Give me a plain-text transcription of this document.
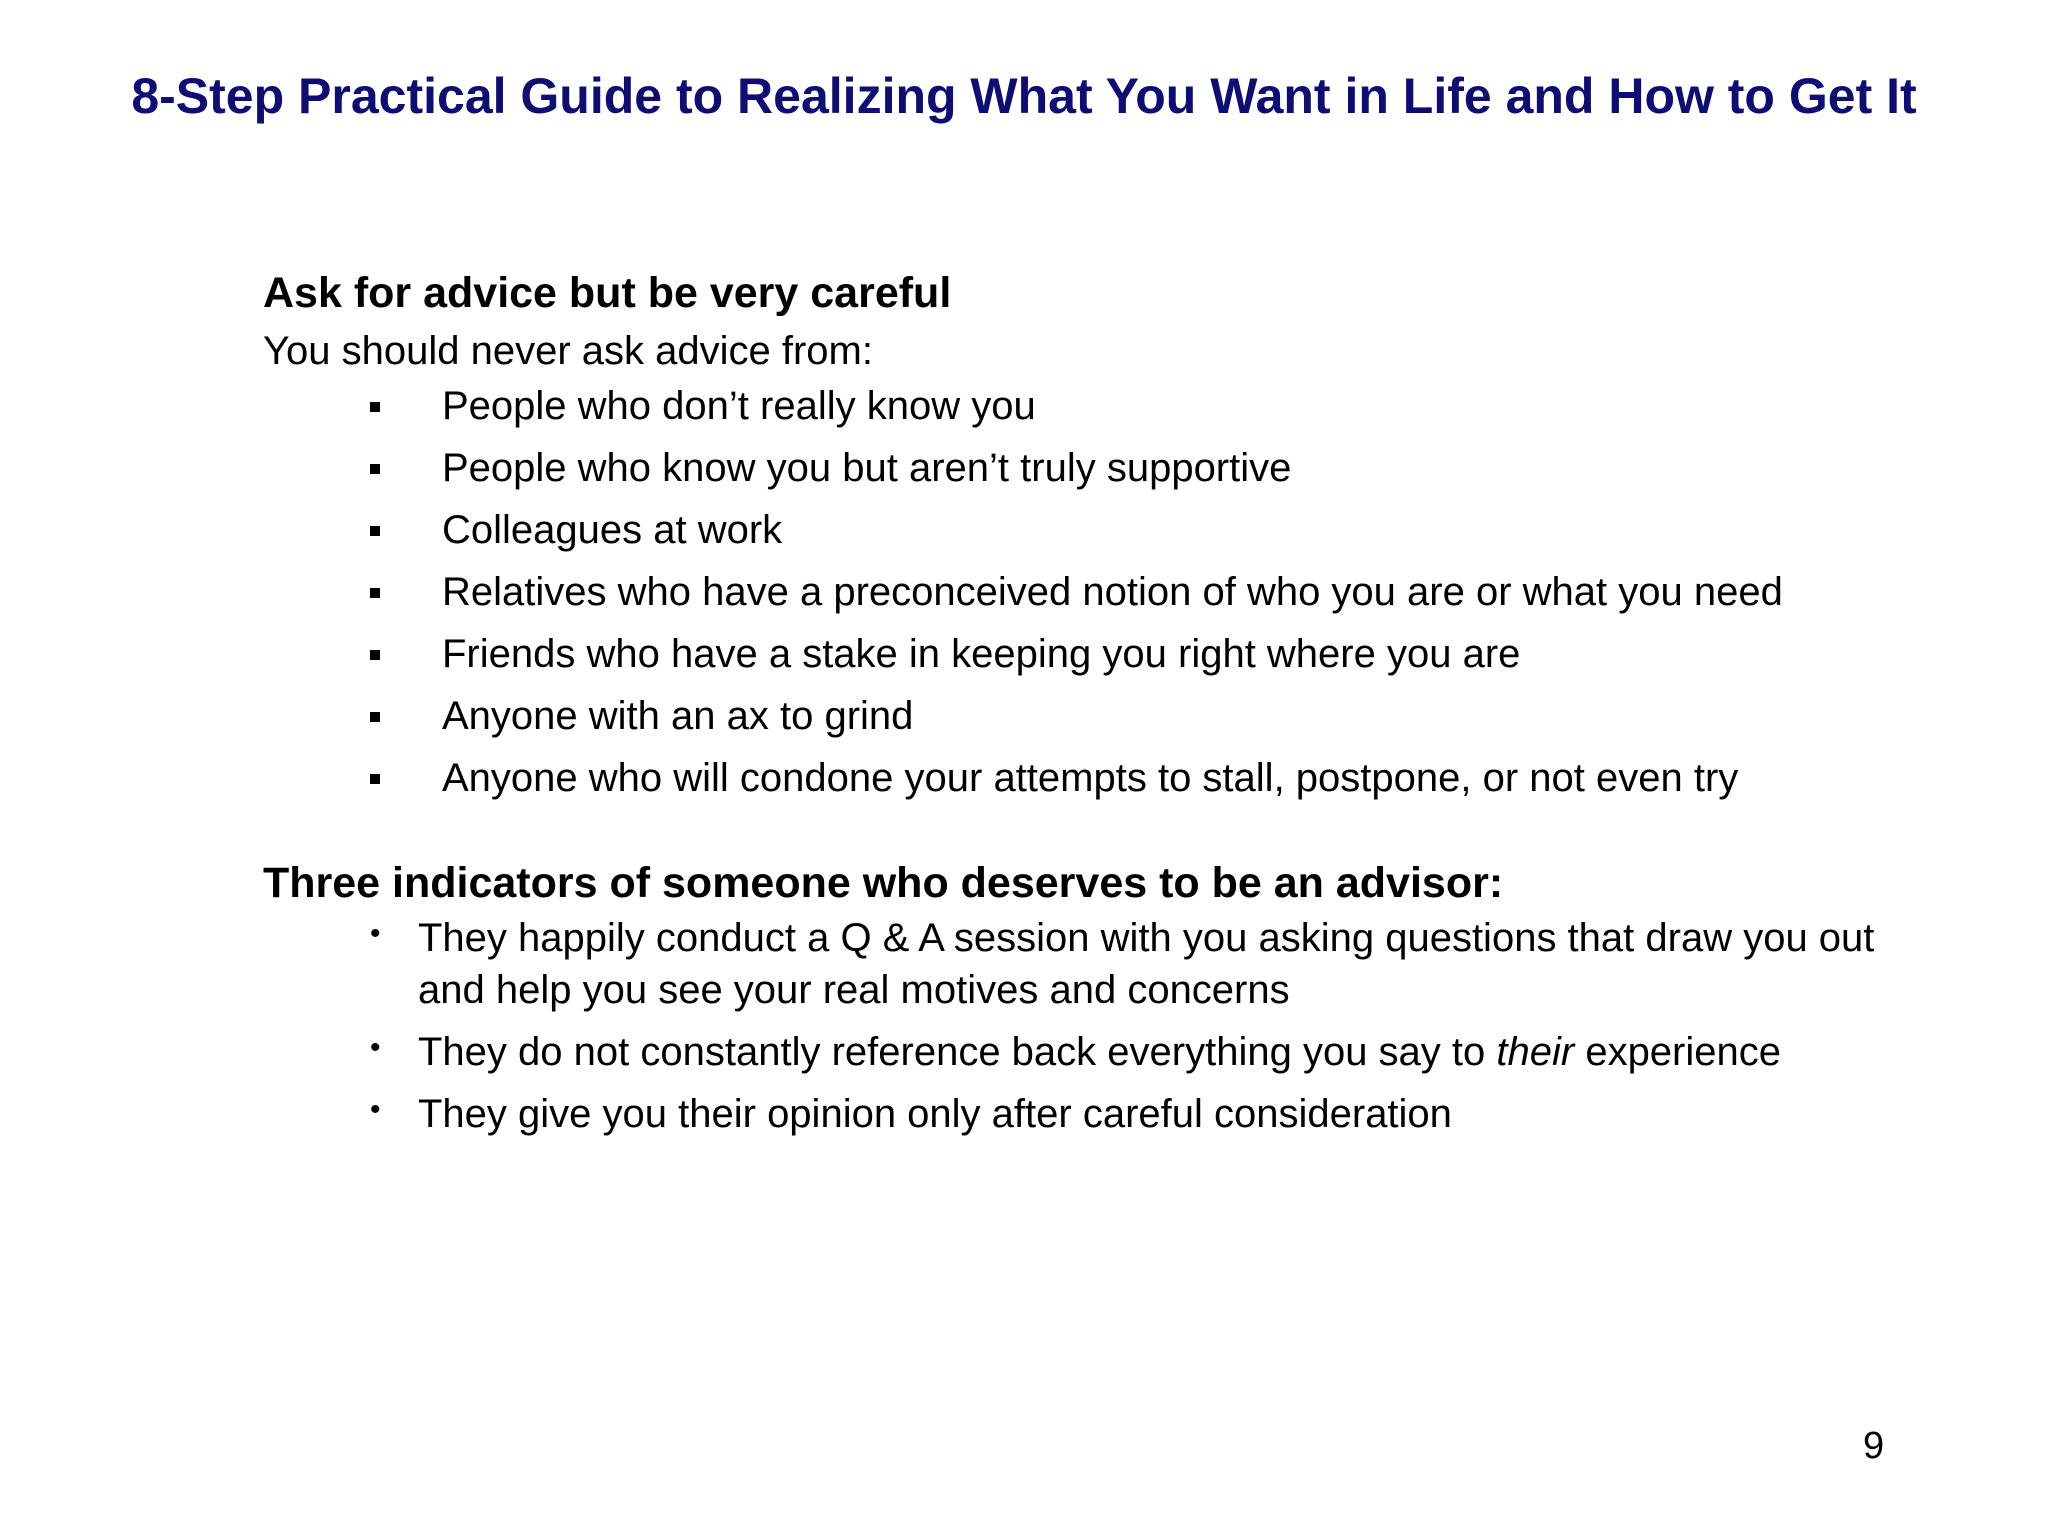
8-Step Practical Guide to Realizing What You Want in Life and How to Get It

Ask for advice but be very careful

You should never ask advice from:

People who don’t really know you
People who know you but aren’t truly supportive
Colleagues at work
Relatives who have a preconceived notion of who you are or what you need
Friends who have a stake in keeping you right where you are
Anyone with an ax to grind
Anyone who will condone your attempts to stall, postpone, or not even try

Three indicators of someone who deserves to be an advisor:

• They happily conduct a Q & A session with you asking questions that draw you out and help you see your real motives and concerns
• They do not constantly reference back everything you say to their experience
• They give you their opinion only after careful consideration
9
